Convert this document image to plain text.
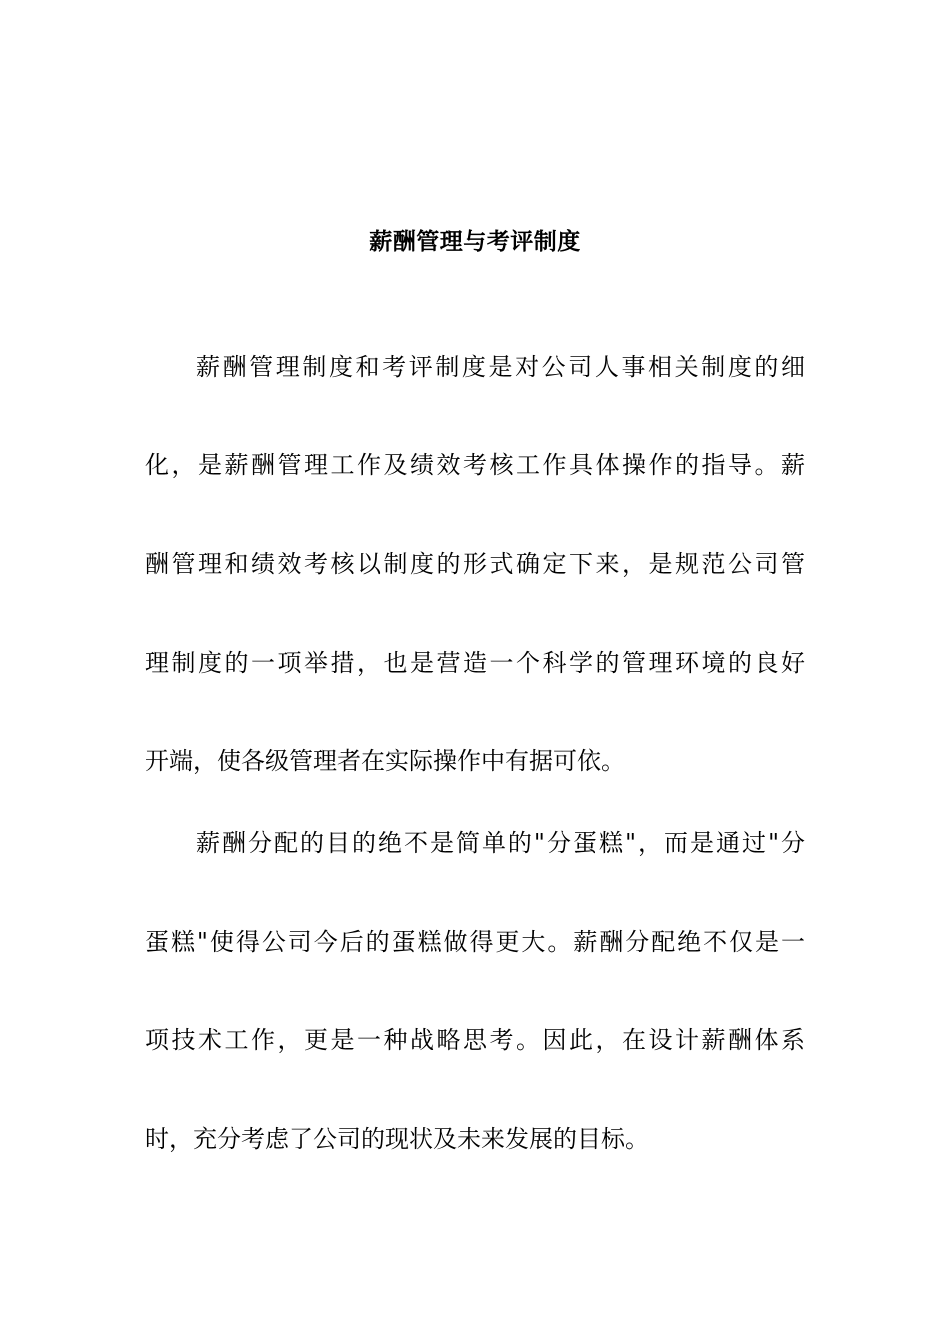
薪酬管理与考评制度
薪酬管理制度和考评制度是对公司人事相关制度的细
化，是薪酬管理工作及绩效考核工作具体操作的指导。薪
酬管理和绩效考核以制度的形式确定下来，是规范公司管
理制度的一项举措，也是营造一个科学的管理环境的良好
开端，使各级管理者在实际操作中有据可依。
薪酬分配的目的绝不是简单的"分蛋糕"，而是通过"分
蛋糕"使得公司今后的蛋糕做得更大。薪酬分配绝不仅是一
项技术工作，更是一种战略思考。因此，在设计薪酬体系
时，充分考虑了公司的现状及未来发展的目标。
